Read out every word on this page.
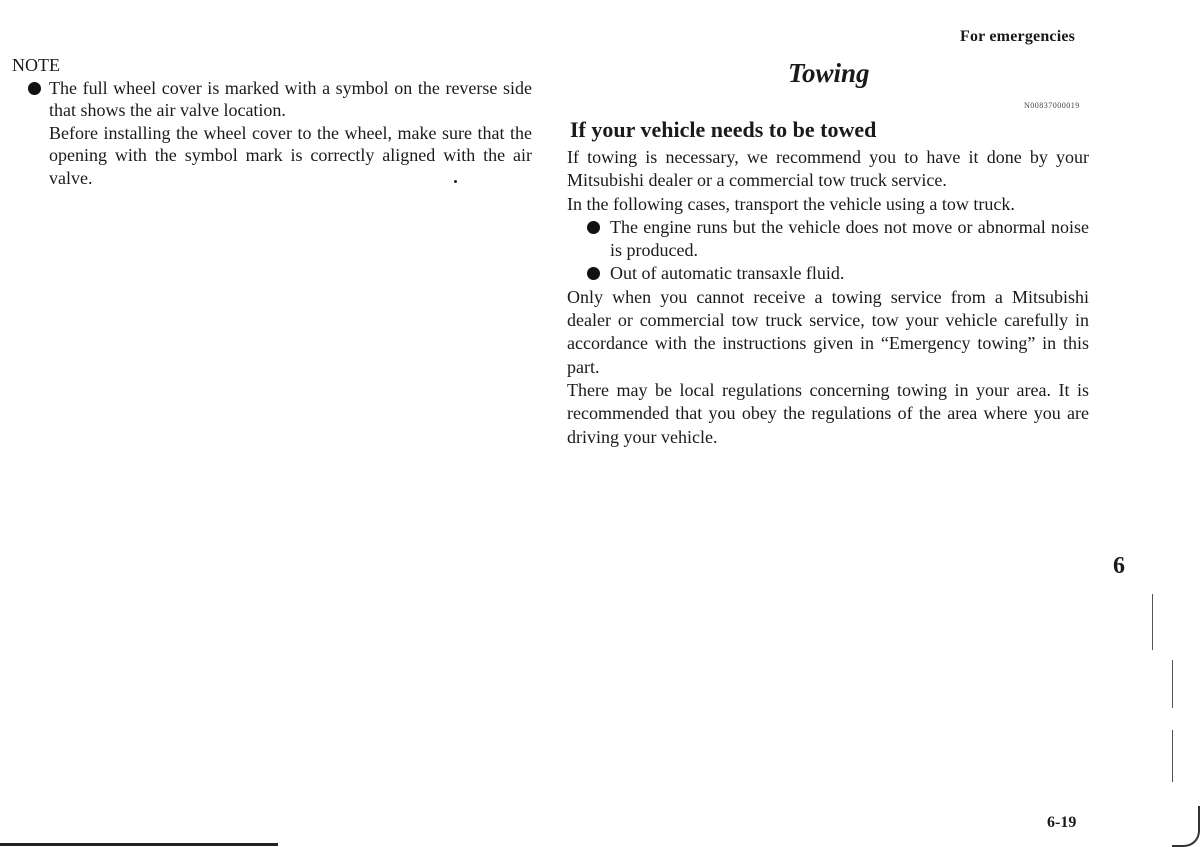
For emergencies
Towing
N00837000019
NOTE
The full wheel cover is marked with a symbol on the reverse side that shows the air valve location.

Before installing the wheel cover to the wheel, make sure that the opening with the symbol mark is correctly aligned with the air valve.

If your vehicle needs to be towed

If towing is necessary, we recommend you to have it done by your Mitsubishi dealer or a commercial tow truck service.

In the following cases, transport the vehicle using a tow truck.

The engine runs but the vehicle does not move or abnormal noise is produced.
Out of automatic transaxle fluid.

Only when you cannot receive a towing service from a Mitsubishi dealer or commercial tow truck service, tow your vehicle carefully in accordance with the instructions given in “Emergency towing” in this part.

There may be local regulations concerning towing in your area. It is recommended that you obey the regulations of the area where you are driving your vehicle.

6
6-19
